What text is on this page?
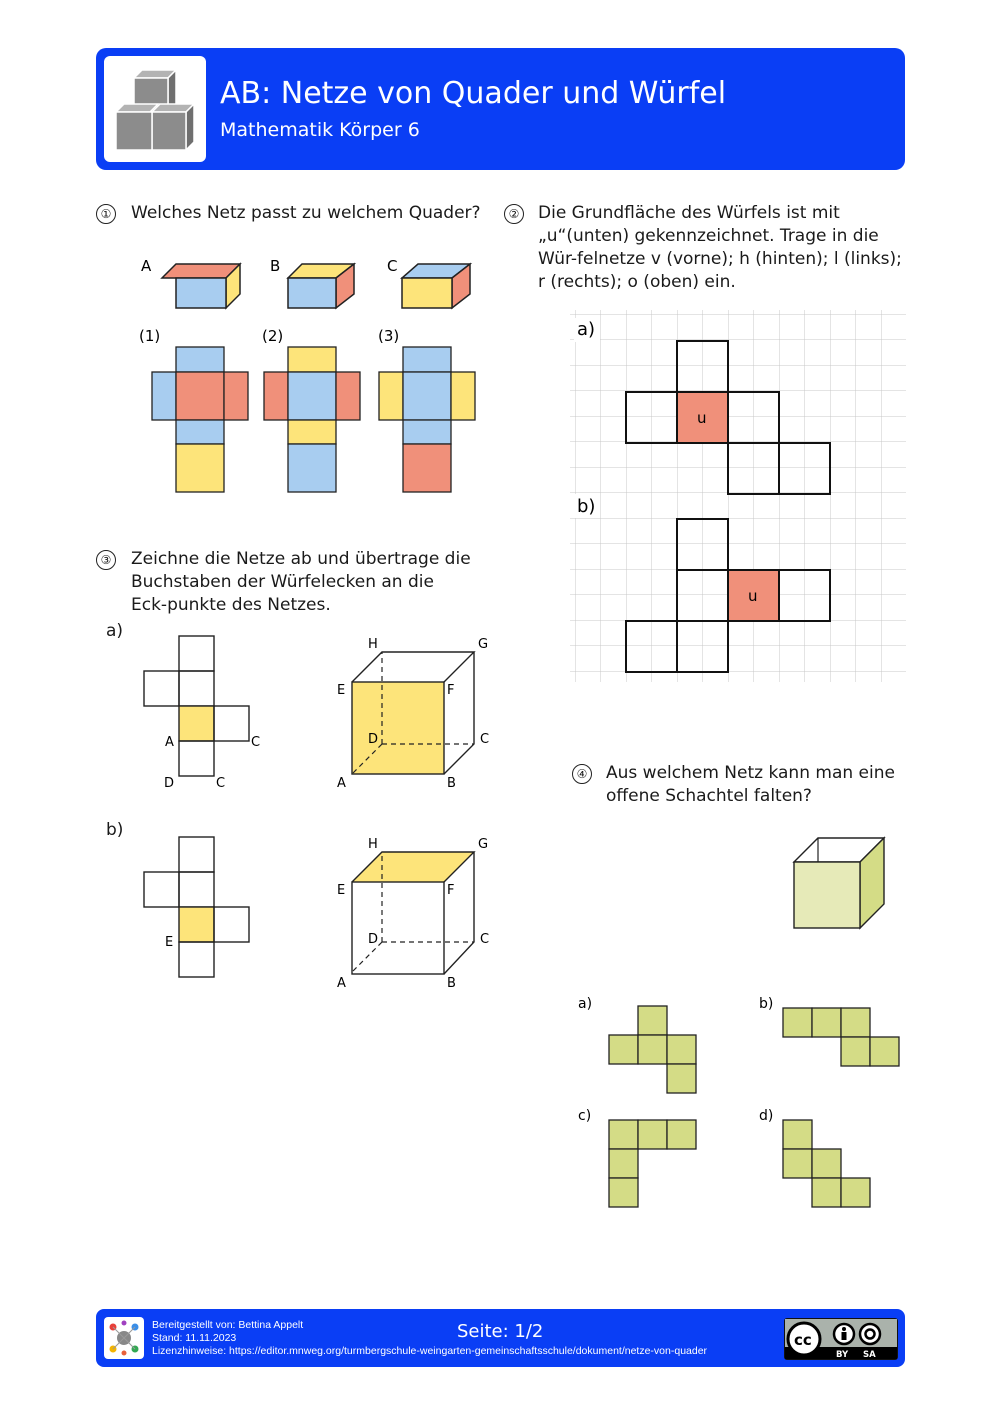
AB: Netze von Quader und Würfel
Mathematik Körper 6
① Welches Netz passt zu welchem Quader?
A	B	C
(1)	(2)	(3)
② Die Grundfläche des Würfels ist mit „u“(unten) gekennzeichnet. Trage in die Wür-felnetze v (vorne); h (hinten); l (links); r (rechts); o (oben) ein.
u
u
a)
b)
③ Zeichne die Netze ab und übertrage die Buchstaben der Würfelecken an die Eck-punkte des Netzes.
a)
b)
A	C
D	C
H	G
E	F
D	C
A	B
E
H	G
E	F
D	C
A	B
④ Aus welchem Netz kann man eine offene Schachtel falten?
a)	b)
c)	d)
Bereitgestellt von: Bettina Appelt
Stand: 11.11.2023
Lizenzhinweise: https://editor.mnweg.org/turmbergschule-weingarten-gemeinschaftsschule/dokument/netze-von-quader
Seite: 1/2	cc
BY SA
